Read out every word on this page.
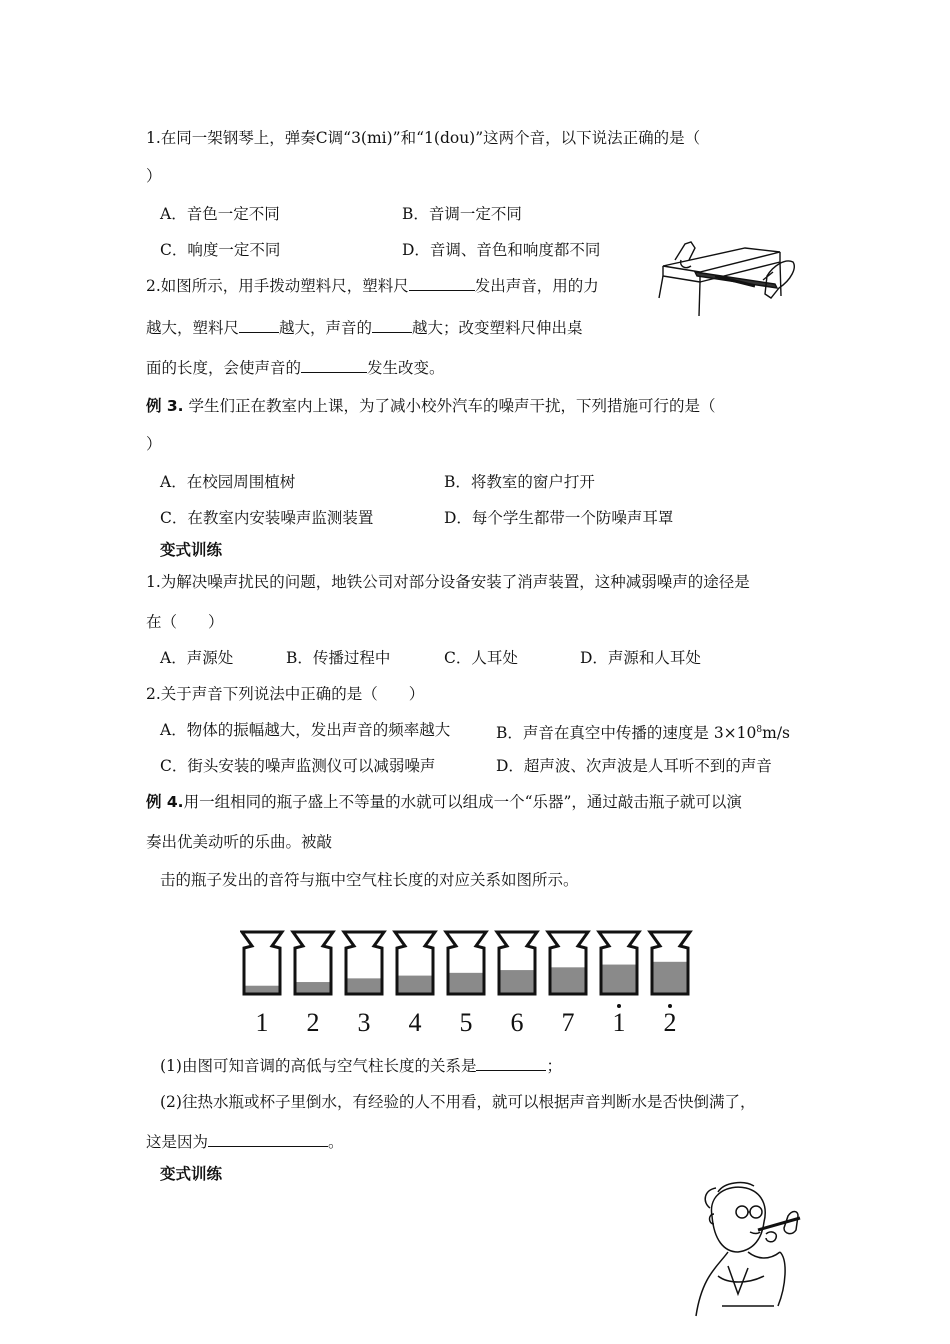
1.在同一架钢琴上，弹奏C调“3(mi)”和“1(dou)”这两个音，以下说法正确的是（
）
A．音色一定不同	B．音调一定不同
C．响度一定不同	D．音调、音色和响度都不同
2.如图所示，用手拨动塑料尺，塑料尺	发出声音，用的力
越大，塑料尺	越大，声音的	越大；改变塑料尺伸出桌
面的长度，会使声音的	发生改变。
例 3. 学生们正在教室内上课，为了减小校外汽车的噪声干扰，下列措施可行的是（
）
A．在校园周围植树	B．将教室的窗户打开
C．在教室内安装噪声监测装置	D．每个学生都带一个防噪声耳罩
变式训练
1.为解决噪声扰民的问题，地铁公司对部分设备安装了消声装置，这种减弱噪声的途径是
在（　　）
A．声源处	B．传播过程中	C．人耳处	D．声源和人耳处
2.关于声音下列说法中正确的是（　　）
A．物体的振幅越大，发出声音的频率越大	B．声音在真空中传播的速度是 $3\times 10^8m/s$
C．街头安装的噪声监测仪可以减弱噪声	D．超声波、次声波是人耳听不到的声音
例 4.用一组相同的瓶子盛上不等量的水就可以组成一个“乐器”，通过敲击瓶子就可以演
奏出优美动听的乐曲。被敲
击的瓶子发出的音符与瓶中空气柱长度的对应关系如图所示。
1	2	3	4	5	6	7	1	2
(1)由图可知音调的高低与空气柱长度的关系是	；
(2)往热水瓶或杯子里倒水，有经验的人不用看，就可以根据声音判断水是否快倒满了，
这是因为	。
变式训练
